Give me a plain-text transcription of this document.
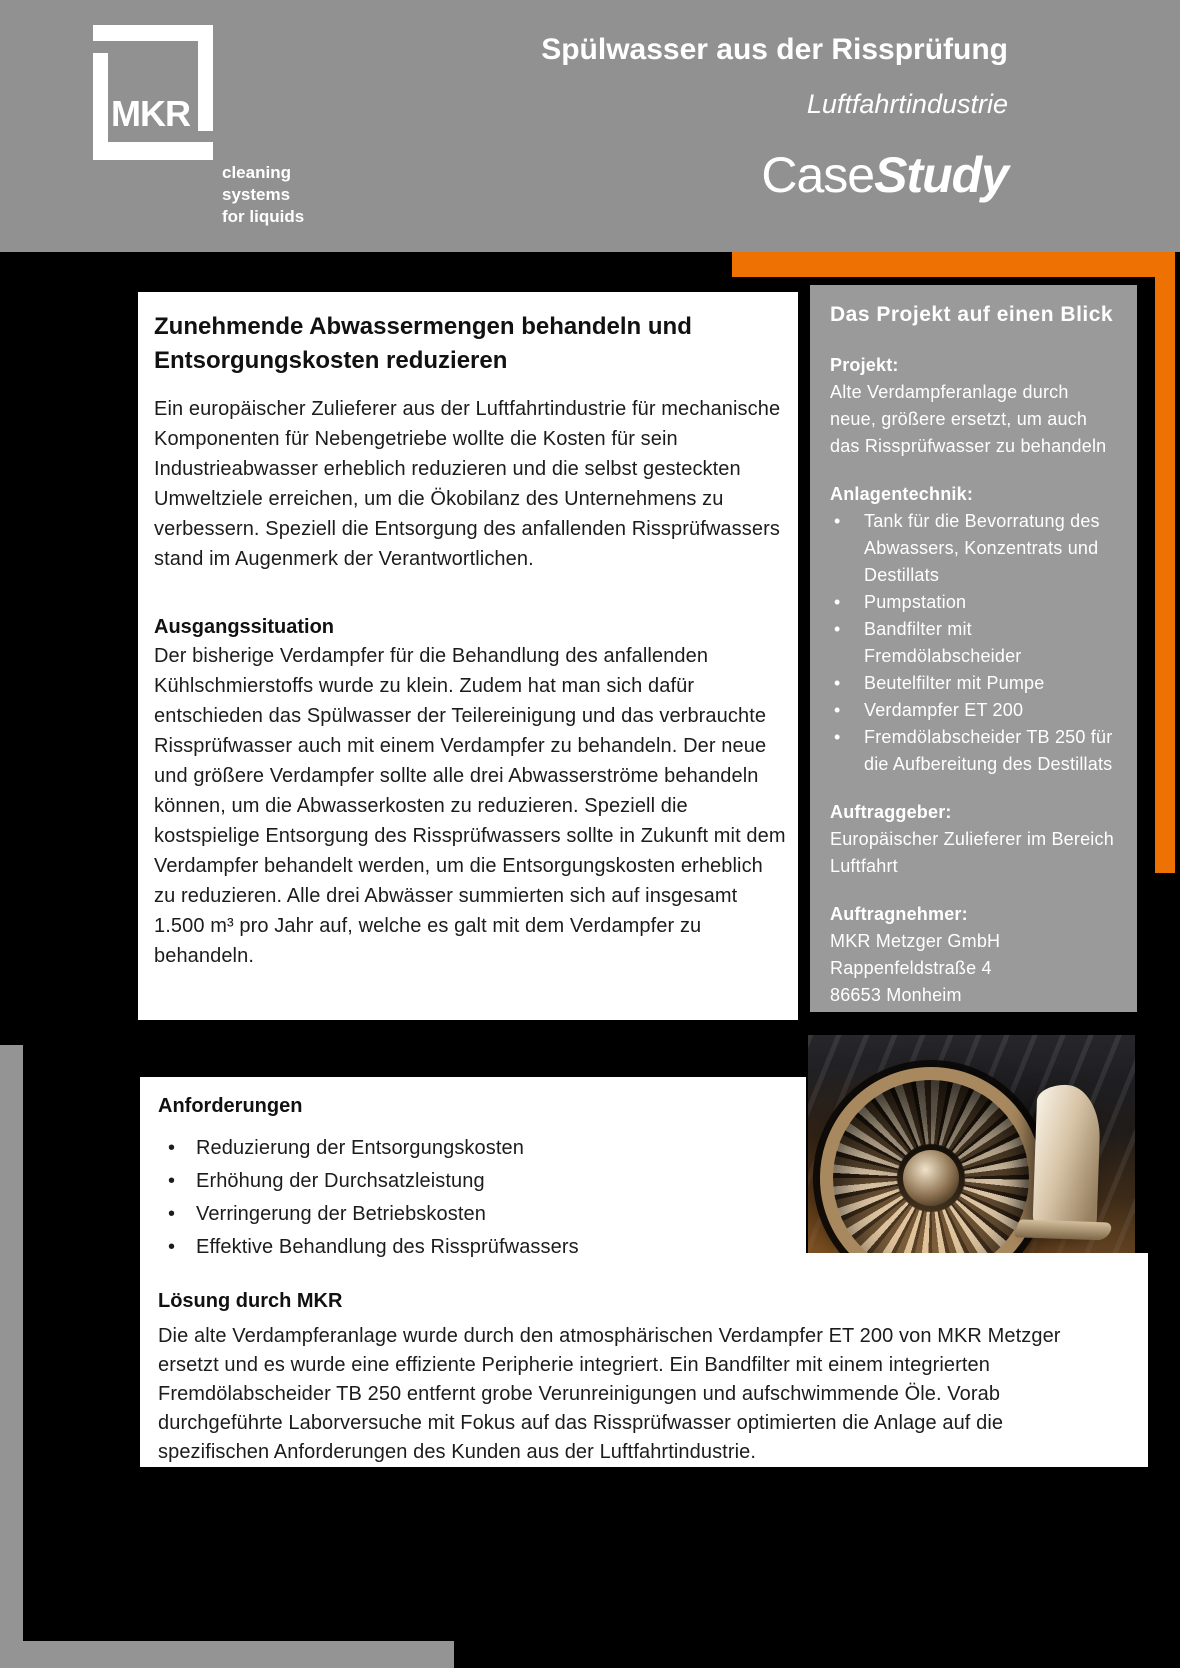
MKR
cleaning
systems
for liquids
Spülwasser aus der Rissprüfung
Luftfahrtindustrie
CaseStudy
Zunehmende Abwassermengen behandeln und Entsorgungskosten reduzieren
Ein europäischer Zulieferer aus der Luftfahrtindustrie für mechanische Komponenten für Nebengetriebe wollte die Kosten für sein Industrieabwasser erheblich reduzieren und die selbst gesteckten Umweltziele erreichen, um die Ökobilanz des Unternehmens zu verbessern. Speziell die Entsorgung des anfallenden Rissprüfwassers stand im Augenmerk der Verantwortlichen.
Ausgangssituation
Der bisherige Verdampfer für die Behandlung des anfallenden Kühlschmierstoffs wurde zu klein. Zudem hat man sich dafür entschieden das Spülwasser der Teilereinigung und das verbrauchte Rissprüfwasser auch mit einem Verdampfer zu behandeln. Der neue und größere Verdampfer sollte alle drei Abwasserströme behandeln können, um die Abwasserkosten zu reduzieren. Speziell die kostspielige Entsorgung des Rissprüfwassers sollte in Zukunft mit dem Verdampfer behandelt werden, um die Entsorgungskosten erheblich zu reduzieren. Alle drei Abwässer summierten sich auf insgesamt 1.500 m³ pro Jahr auf, welche es galt mit dem Verdampfer zu behandeln.
Das Projekt auf einen Blick
Projekt:
Alte Verdampferanlage durch neue, größere ersetzt, um auch das Rissprüfwasser zu behandeln
Anlagentechnik:
• Tank für die Bevorratung des Abwassers, Konzentrats und Destillats
• Pumpstation
• Bandfilter mit Fremdölabscheider
• Beutelfilter mit Pumpe
• Verdampfer ET 200
• Fremdölabscheider TB 250 für die Aufbereitung des Destillats
Auftraggeber:
Europäischer Zulieferer im Bereich Luftfahrt
Auftragnehmer:
MKR Metzger GmbH
Rappenfeldstraße 4
86653 Monheim
Anforderungen
• Reduzierung der Entsorgungskosten
• Erhöhung der Durchsatzleistung
• Verringerung der Betriebskosten
• Effektive Behandlung des Rissprüfwassers
Lösung durch MKR
Die alte Verdampferanlage wurde durch den atmosphärischen Verdampfer ET 200 von MKR Metzger ersetzt und es wurde eine effiziente Peripherie integriert. Ein Bandfilter mit einem integrierten Fremdölabscheider TB 250 entfernt grobe Verunreinigungen und aufschwimmende Öle. Vorab durchgeführte Laborversuche mit Fokus auf das Rissprüfwasser optimierten die Anlage auf die spezifischen Anforderungen des Kunden aus der Luftfahrtindustrie.
